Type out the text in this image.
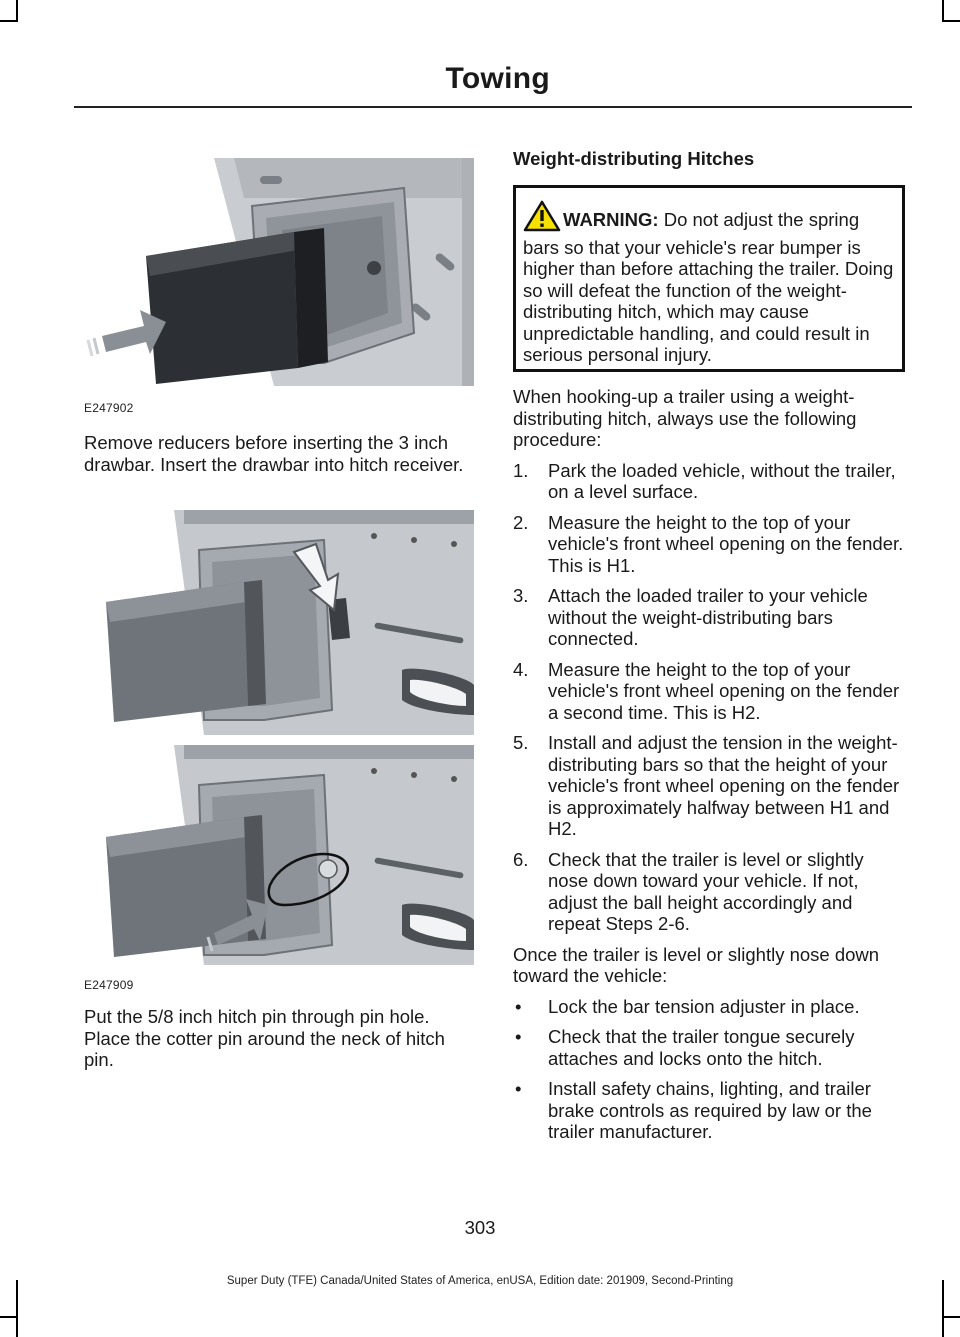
Towing
E247902
Remove reducers before inserting the 3 inch drawbar. Insert the drawbar into hitch receiver.
E247909
Put the 5/8 inch hitch pin through pin hole. Place the cotter pin around the neck of hitch pin.
Weight-distributing Hitches
WARNING: Do not adjust the spring bars so that your vehicle's rear bumper is higher than before attaching the trailer. Doing so will defeat the function of the weight-distributing hitch, which may cause unpredictable handling, and could result in serious personal injury.

When hooking-up a trailer using a weight-distributing hitch, always use the following procedure:

1. Park the loaded vehicle, without the trailer, on a level surface.
2. Measure the height to the top of your vehicle's front wheel opening on the fender. This is H1.
3. Attach the loaded trailer to your vehicle without the weight-distributing bars connected.
4. Measure the height to the top of your vehicle's front wheel opening on the fender a second time. This is H2.
5. Install and adjust the tension in the weight-distributing bars so that the height of your vehicle's front wheel opening on the fender is approximately halfway between H1 and H2.
6. Check that the trailer is level or slightly nose down toward your vehicle. If not, adjust the ball height accordingly and repeat Steps 2-6.

Once the trailer is level or slightly nose down toward the vehicle:

• Lock the bar tension adjuster in place.
• Check that the trailer tongue securely attaches and locks onto the hitch.
• Install safety chains, lighting, and trailer brake controls as required by law or the trailer manufacturer.
303
Super Duty (TFE) Canada/United States of America, enUSA, Edition date: 201909, Second-Printing
